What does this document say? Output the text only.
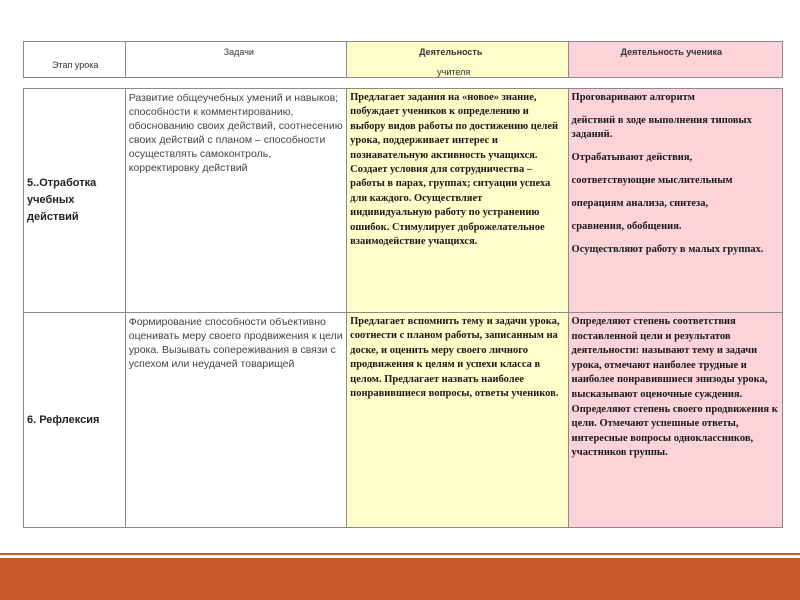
Этап урока
Задачи	Деятельность
учителя
Деятельность ученика
5..Отработка учебных действий
Развитие общеучебных умений и навыков; способности к комментированию, обоснованию своих действий, соотнесению своих действий с планом – способности осуществлять самоконтроль, корректировку действий
Предлагает задания на «новое» знание, побуждает учеников к определению и выбору видов работы по достижению целей урока, поддерживает интерес и познавательную активность учащихся. Создает условия для сотрудничества – работы в парах, группах; ситуации успеха для каждого. Осуществляет индивидуальную работу по устранению ошибок. Стимулирует доброжелательное взаимодействие учащихся.

Проговаривают алгоритм

действий в ходе выполнения типовых заданий.

Отрабатывают действия,

соответствующие мыслительным

операциям анализа, синтеза,

сравнения, обобщения.

Осуществляют работу в малых группах.

6. Рефлексия
Формирование способности объективно оценивать меру своего продвижения к цели урока. Вызывать сопереживания в связи с успехом или неудачей товарищей
Предлагает вспомнить тему и задачи урока, соотнести с планом работы, записанным на доске, и оценить меру своего личного продвижения к целям и успехи класса в целом. Предлагает назвать наиболее понравившиеся вопросы, ответы учеников.
Определяют степень соответствия поставленной цели и результатов деятельности: называют тему и задачи урока, отмечают наиболее трудные и наиболее понравившиеся эпизоды урока, высказывают оценочные суждения. Определяют степень своего продвижения к цели. Отмечают успешные ответы, интересные вопросы одноклассников, участников группы.
